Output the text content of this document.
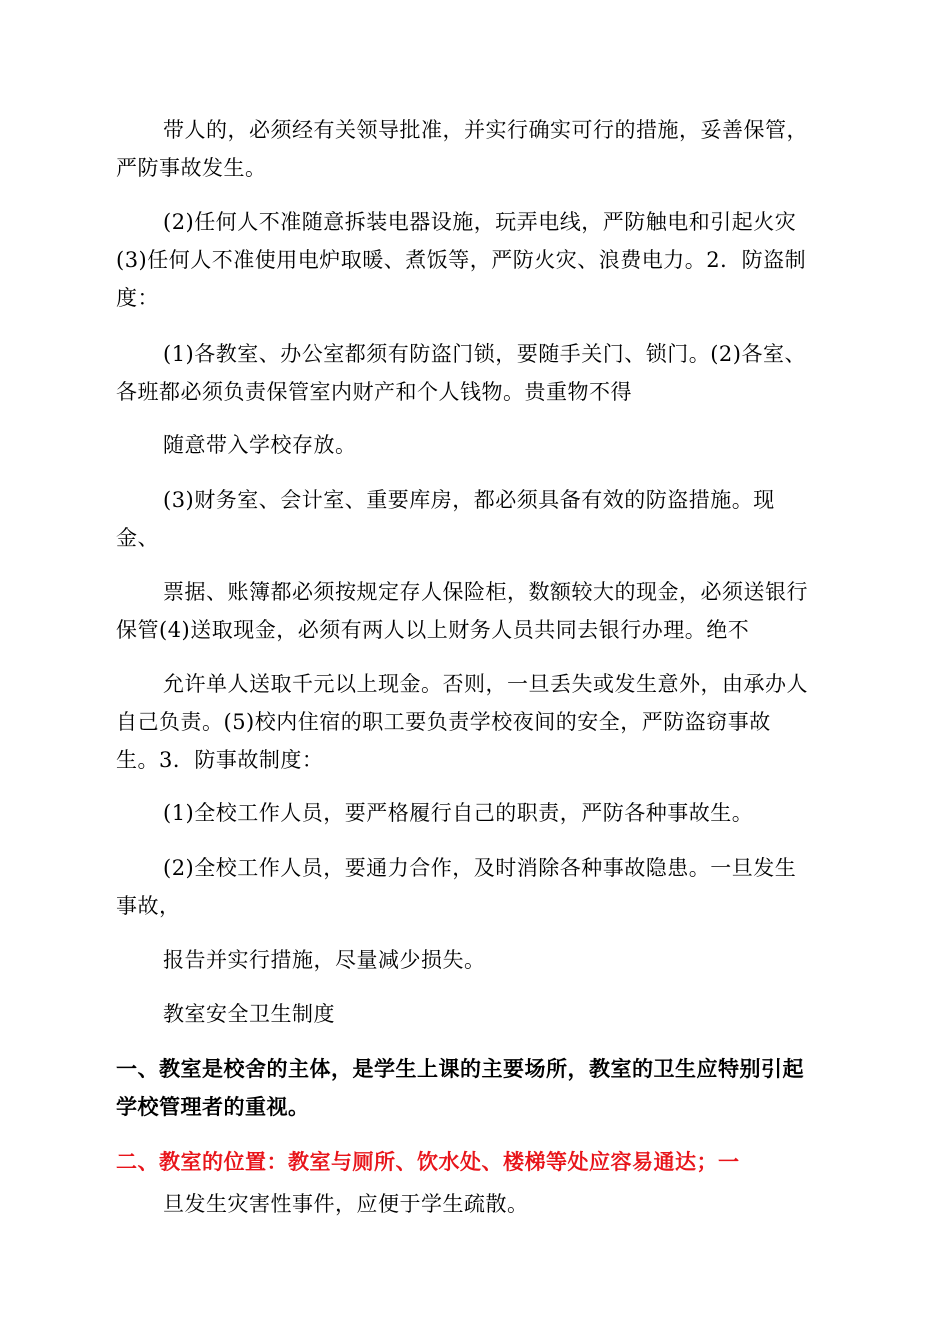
带人的，必须经有关领导批准，并实行确实可行的措施，妥善保管，
严防事故发生。
(2)任何人不准随意拆装电器设施，玩弄电线，严防触电和引起火灾
(3)任何人不准使用电炉取暖、煮饭等，严防火灾、浪费电力。2．防盗制
度：
(1)各教室、办公室都须有防盗门锁，要随手关门、锁门。(2)各室、
各班都必须负责保管室内财产和个人钱物。贵重物不得
随意带入学校存放。
(3)财务室、会计室、重要库房，都必须具备有效的防盗措施。现
金、
票据、账簿都必须按规定存人保险柜，数额较大的现金，必须送银行
保管(4)送取现金，必须有两人以上财务人员共同去银行办理。绝不
允许单人送取千元以上现金。否则，一旦丢失或发生意外，由承办人
自己负责。(5)校内住宿的职工要负责学校夜间的安全，严防盗窃事故
生。3．防事故制度：
(1)全校工作人员，要严格履行自己的职责，严防各种事故生。
(2)全校工作人员，要通力合作，及时消除各种事故隐患。一旦发生
事故，
报告并实行措施，尽量减少损失。
教室安全卫生制度
一、教室是校舍的主体，是学生上课的主要场所，教室的卫生应特别引起
学校管理者的重视。
二、教室的位置：教室与厕所、饮水处、楼梯等处应容易通达；一
旦发生灾害性事件，应便于学生疏散。
